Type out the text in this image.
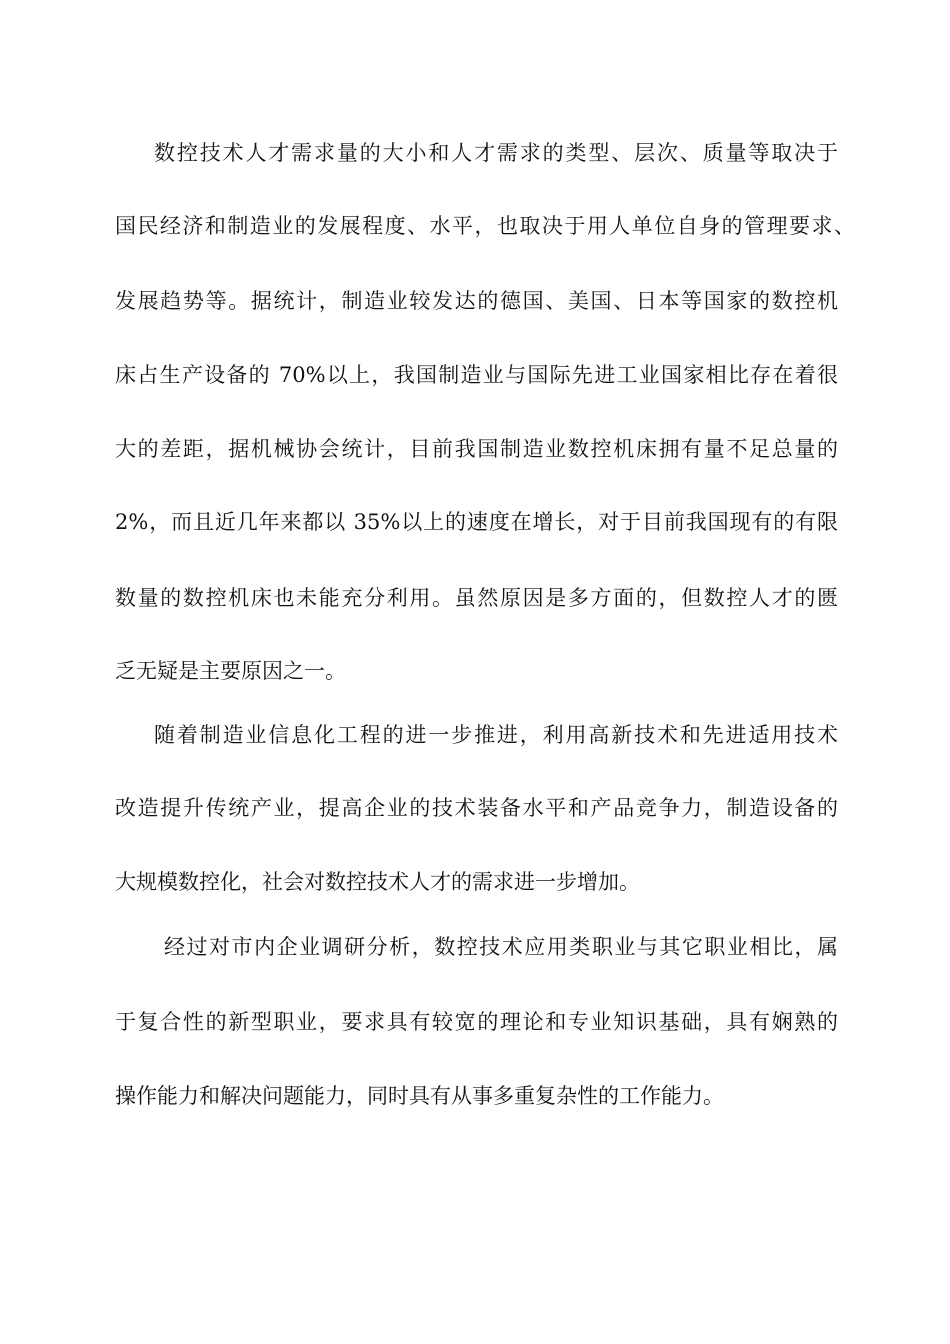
数控技术人才需求量的大小和人才需求的类型、层次、质量等取决于
国民经济和制造业的发展程度、水平，也取决于用人单位自身的管理要求、
发展趋势等。据统计，制造业较发达的德国、美国、日本等国家的数控机
床占生产设备的 70%以上，我国制造业与国际先进工业国家相比存在着很
大的差距，据机械协会统计，目前我国制造业数控机床拥有量不足总量的
2%，而且近几年来都以 35%以上的速度在增长，对于目前我国现有的有限
数量的数控机床也未能充分利用。虽然原因是多方面的，但数控人才的匮
乏无疑是主要原因之一。
随着制造业信息化工程的进一步推进，利用高新技术和先进适用技术
改造提升传统产业，提高企业的技术装备水平和产品竞争力，制造设备的
大规模数控化，社会对数控技术人才的需求进一步增加。
经过对市内企业调研分析，数控技术应用类职业与其它职业相比，属
于复合性的新型职业，要求具有较宽的理论和专业知识基础，具有娴熟的
操作能力和解决问题能力，同时具有从事多重复杂性的工作能力。
